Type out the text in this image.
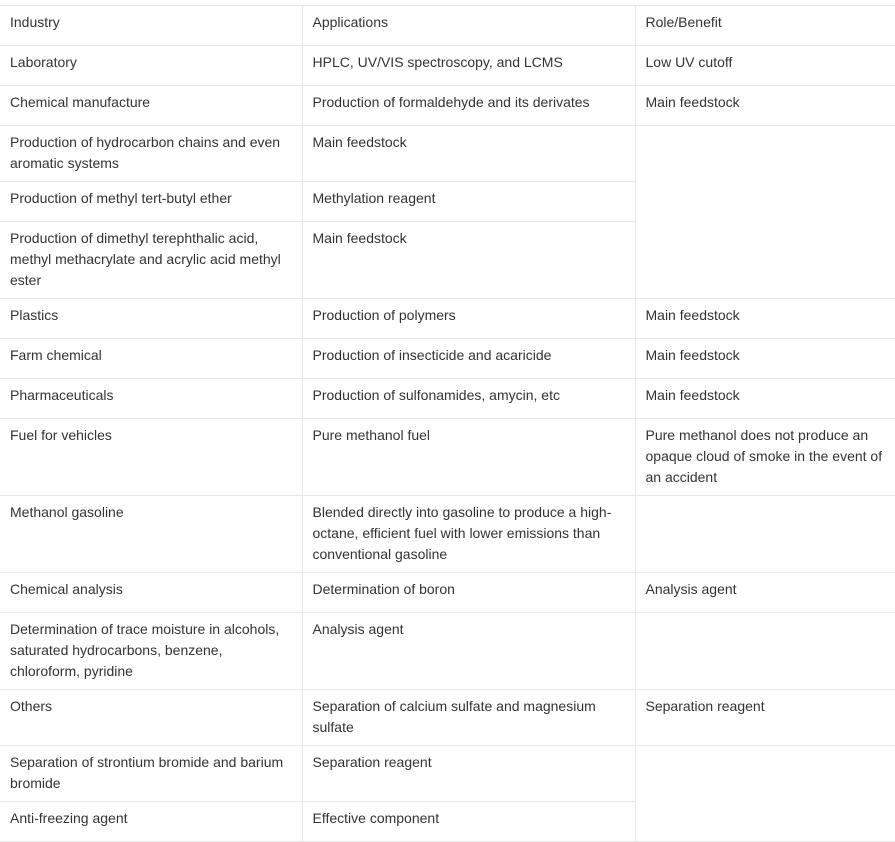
Industry	Applications	Role/Benefit
Laboratory	HPLC, UV/VIS spectroscopy, and LCMS	Low UV cutoff
Chemical manufacture	Production of formaldehyde and its derivates	Main feedstock
Production of hydrocarbon chains and even aromatic systems	Main feedstock	
Production of methyl tert-butyl ether	Methylation reagent	
Production of dimethyl terephthalic acid, methyl methacrylate and acrylic acid methyl ester	Main feedstock	
Plastics	Production of polymers	Main feedstock
Farm chemical	Production of insecticide and acaricide	Main feedstock
Pharmaceuticals	Production of sulfonamides, amycin, etc	Main feedstock
Fuel for vehicles	Pure methanol fuel	Pure methanol does not produce an opaque cloud of smoke in the event of an accident
Methanol gasoline	Blended directly into gasoline to produce a high-octane, efficient fuel with lower emissions than conventional gasoline	
Chemical analysis	Determination of boron	Analysis agent
Determination of trace moisture in alcohols, saturated hydrocarbons, benzene, chloroform, pyridine	Analysis agent	
Others	Separation of calcium sulfate and magnesium sulfate	Separation reagent
Separation of strontium bromide and barium bromide	Separation reagent	
Anti-freezing agent	Effective component	
